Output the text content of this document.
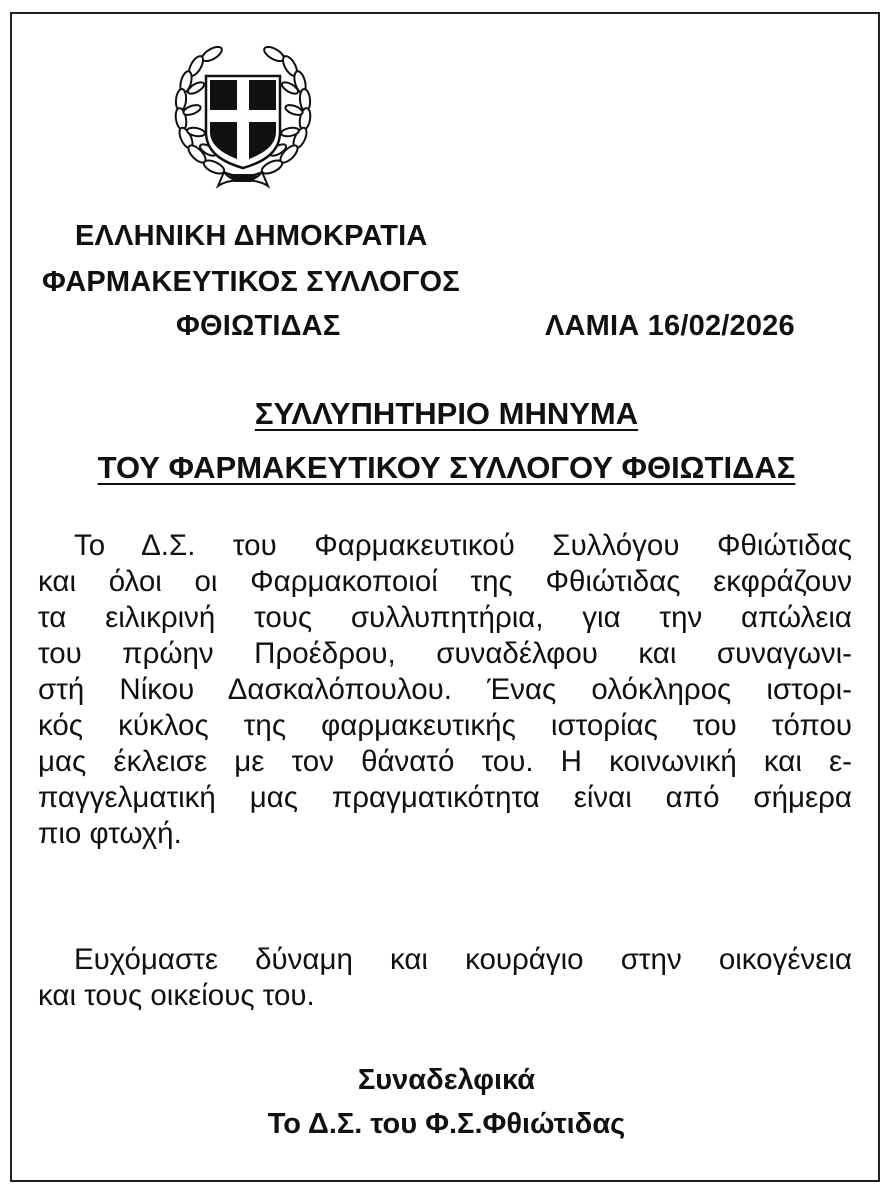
ΕΛΛΗΝΙΚΗ ΔΗΜΟΚΡΑΤΙΑ
ΦΑΡΜΑΚΕΥΤΙΚΟΣ ΣΥΛΛΟΓΟΣ
ΦΘΙΩΤΙΔΑΣ	ΛΑΜΙΑ 16/02/2026
ΣΥΛΛΥΠΗΤΗΡΙΟ ΜΗΝΥΜΑ
ΤΟΥ ΦΑΡΜΑΚΕΥΤΙΚΟΥ ΣΥΛΛΟΓΟΥ ΦΘΙΩΤΙΔΑΣ
Το Δ.Σ. του Φαρμακευτικού Συλλόγου Φθιώτιδας
και όλοι οι Φαρμακοποιοί της Φθιώτιδας εκφράζουν
τα ειλικρινή τους συλλυπητήρια, για την απώλεια
του πρώην Προέδρου, συναδέλφου και συναγωνι-
στή Νίκου Δασκαλόπουλου. Ένας ολόκληρος ιστορι-
κός κύκλος της φαρμακευτικής ιστορίας του τόπου
μας έκλεισε με τον θάνατό του. Η κοινωνική και ε-
παγγελματική μας πραγματικότητα είναι από σήμερα
πιο φτωχή.
Ευχόμαστε δύναμη και κουράγιο στην οικογένεια
και τους οικείους του.
Συναδελφικά
Το Δ.Σ. του Φ.Σ.Φθιώτιδας
